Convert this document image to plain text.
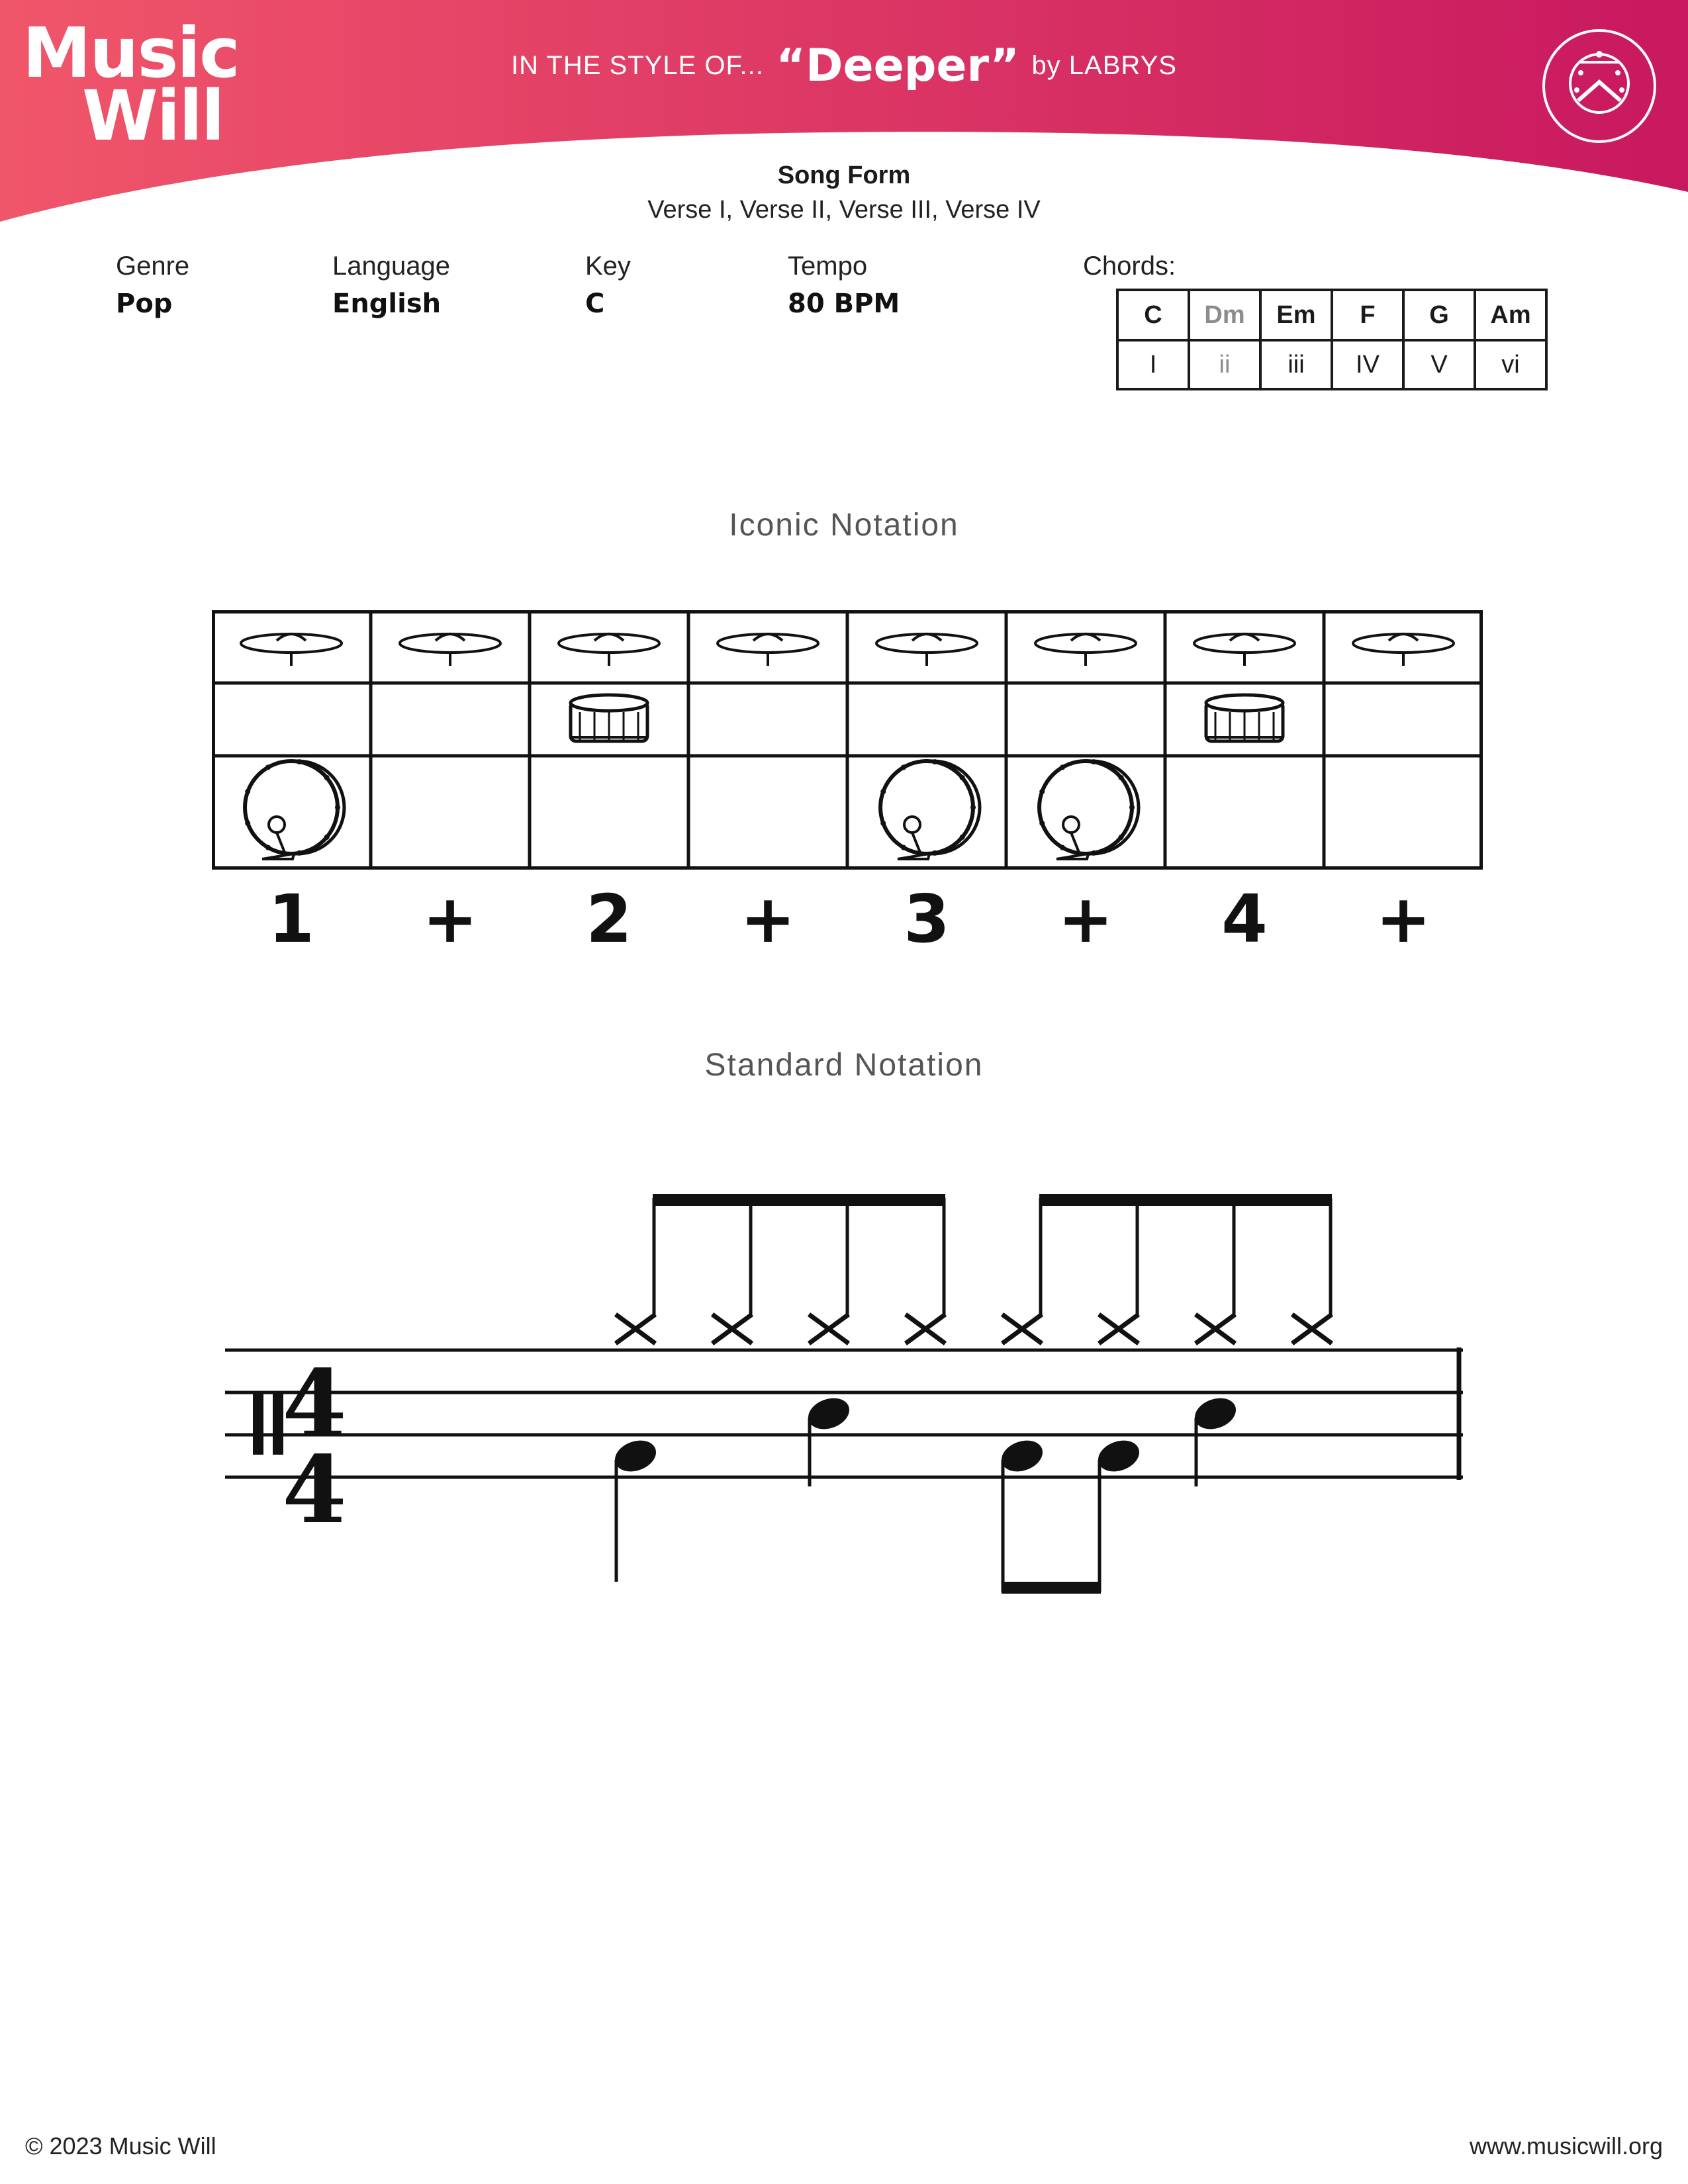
Music
Will
IN THE STYLE OF... “Deeper” by LABRYS
Song Form
Verse I, Verse II, Verse III, Verse IV
Genre
Pop
Language
English
Key
C
Tempo
80 BPM
Chords:
C	Dm	Em	F	G	Am
I	ii	iii	IV	V	vi
Iconic Notation
1	+	2	+	3	+	4	+
Standard Notation
4
4
© 2023 Music Will	www.musicwill.org
